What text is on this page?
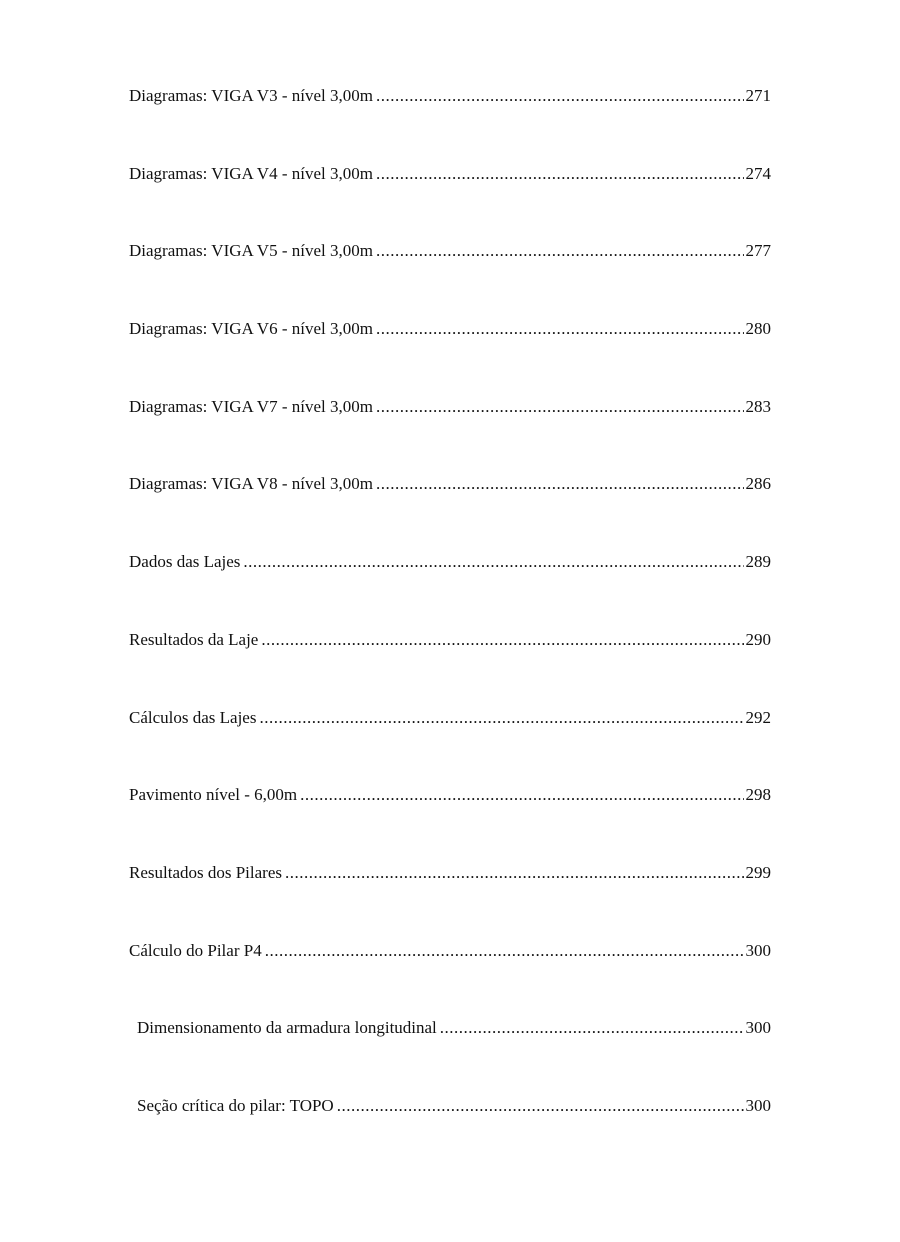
Diagramas: VIGA V3 - nível 3,00m .....	271
Diagramas: VIGA V4 - nível 3,00m .....	274
Diagramas: VIGA V5 - nível 3,00m .....	277
Diagramas: VIGA V6 - nível 3,00m .....	280
Diagramas: VIGA V7 - nível 3,00m .....	283
Diagramas: VIGA V8 - nível 3,00m .....	286
Dados das Lajes .....	289
Resultados da Laje .....	290
Cálculos das Lajes .....	292
Pavimento nível - 6,00m .....	298
Resultados dos Pilares .....	299
Cálculo do Pilar P4 .....	300
Dimensionamento da armadura longitudinal .....	300
Seção crítica do pilar: TOPO .....	300
